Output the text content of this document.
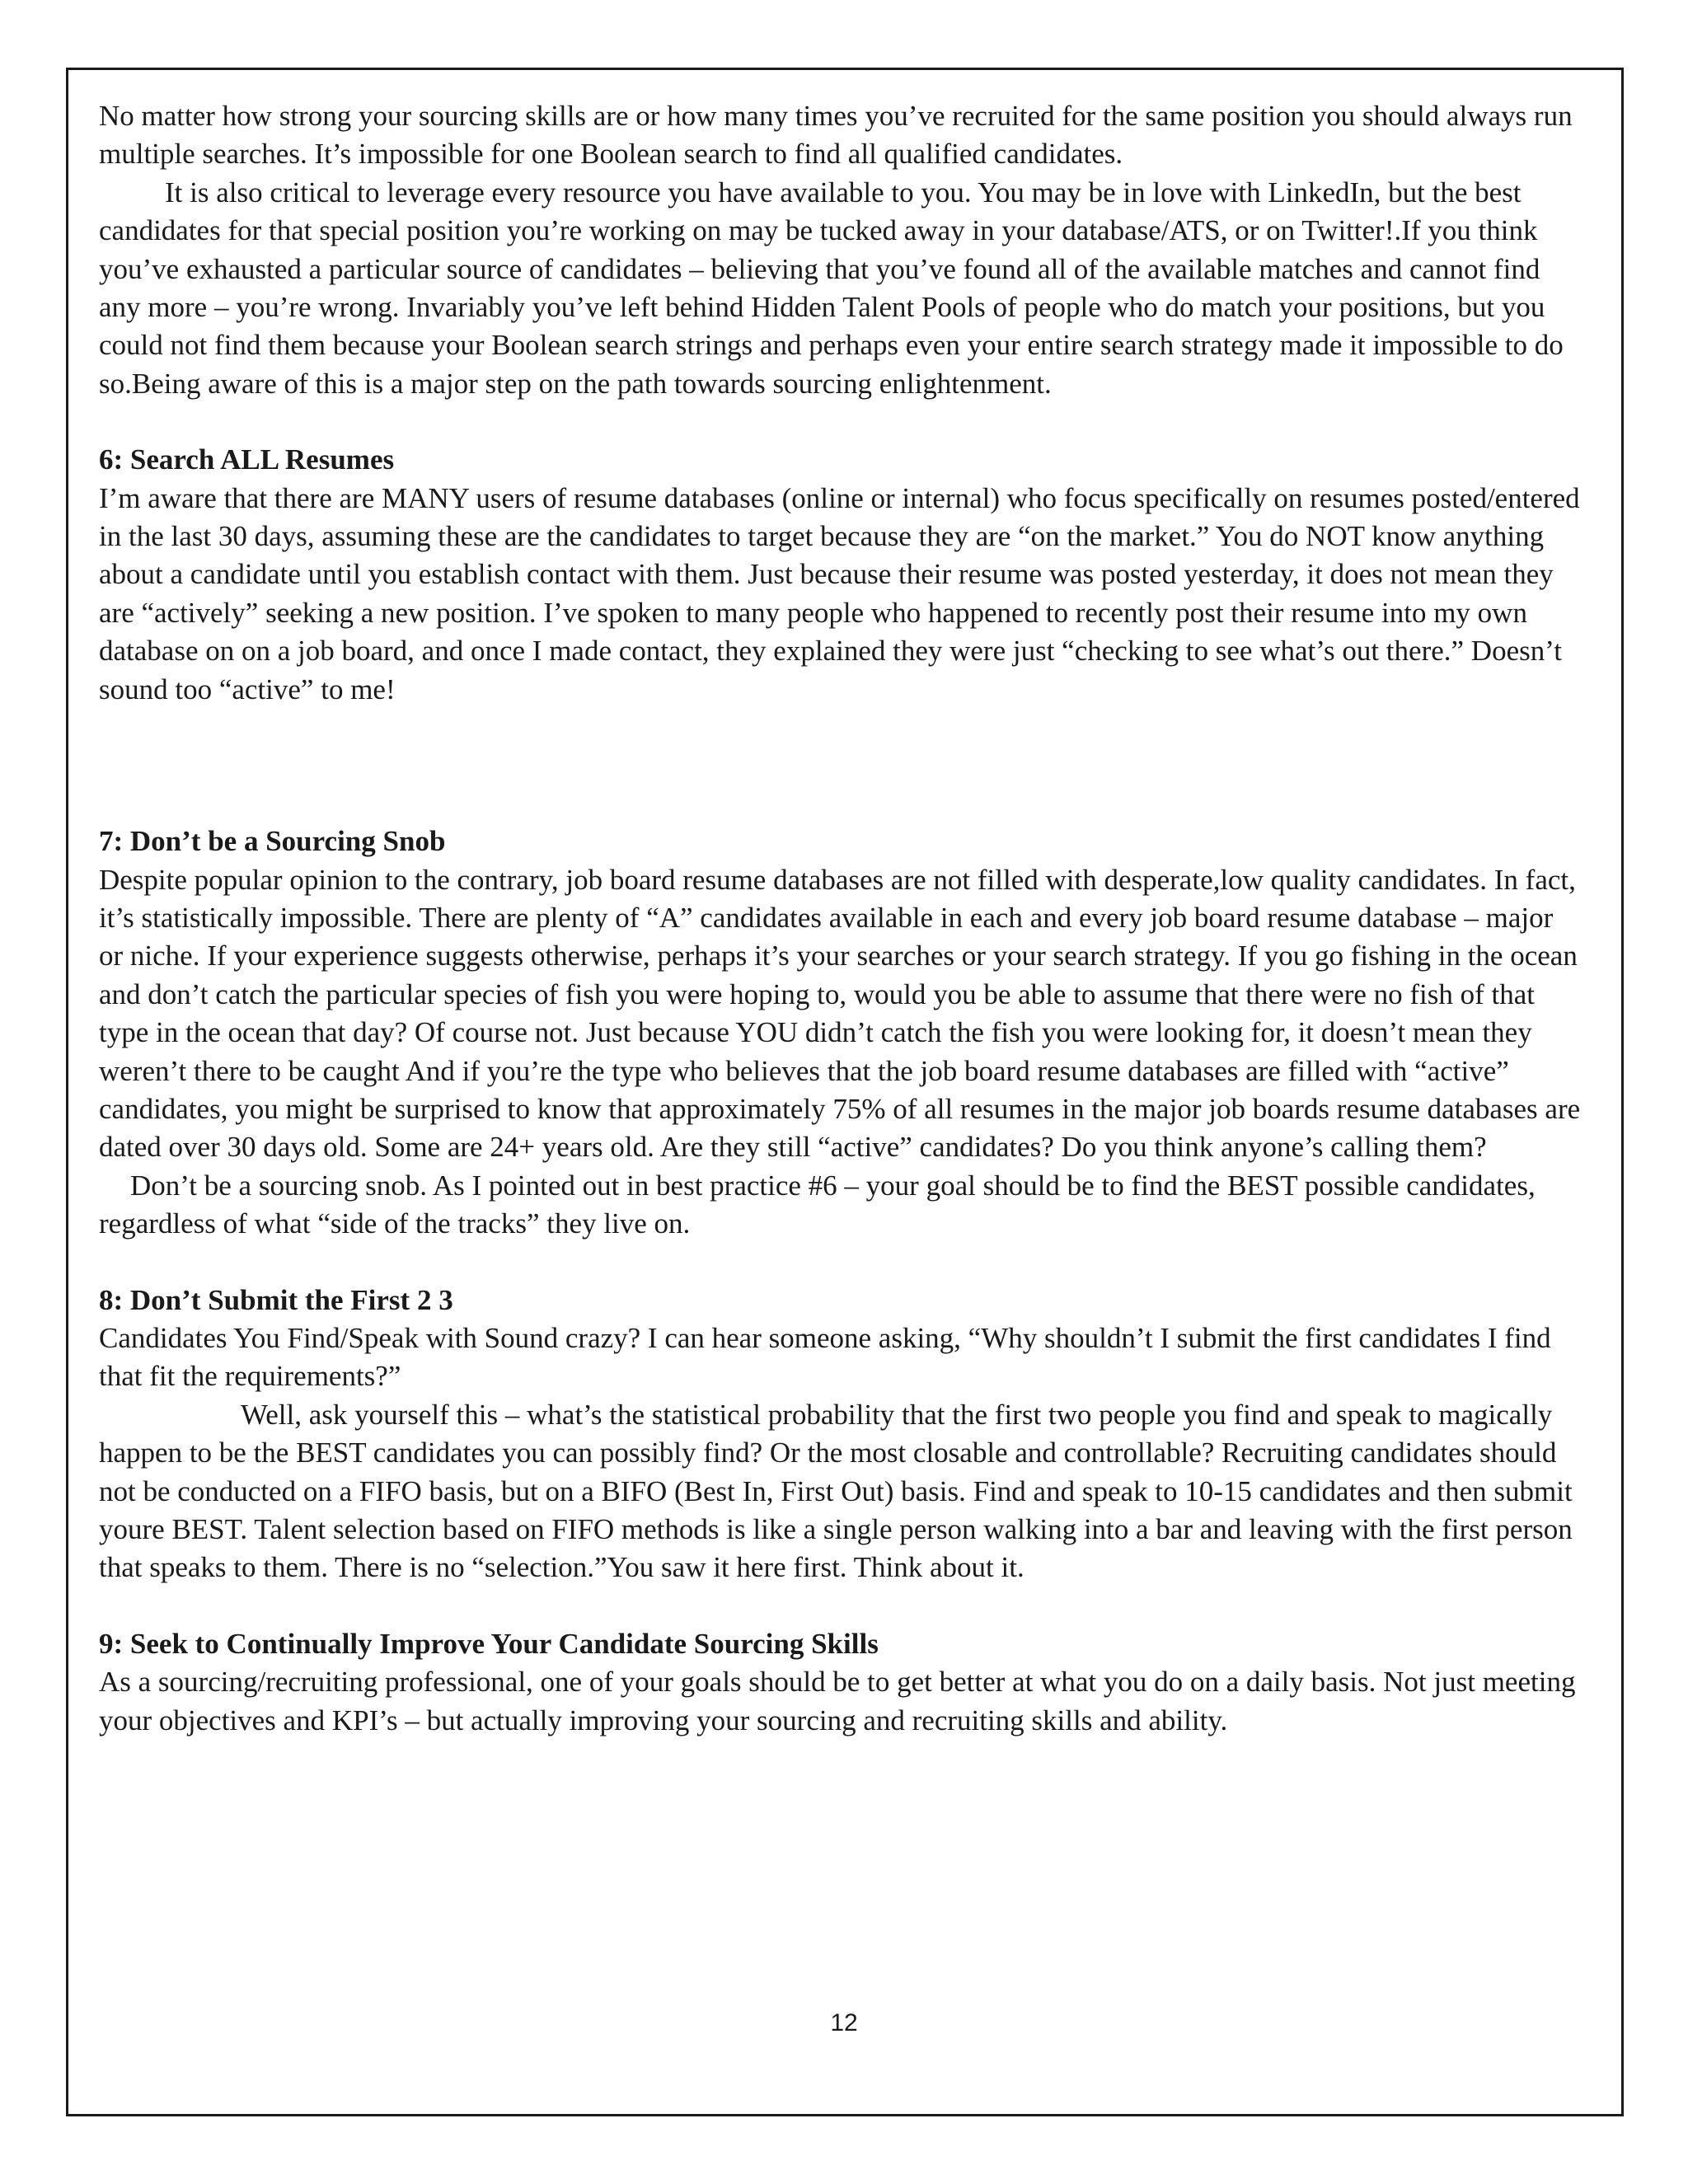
No matter how strong your sourcing skills are or how many times you’ve recruited for the same position you should always run multiple searches. It’s impossible for one Boolean search to find all qualified candidates.

It is also critical to leverage every resource you have available to you. You may be in love with LinkedIn, but the best candidates for that special position you’re working on may be tucked away in your database/ATS, or on Twitter!.If you think you’ve exhausted a particular source of candidates – believing that you’ve found all of the available matches and cannot find any more – you’re wrong. Invariably you’ve left behind Hidden Talent Pools of people who do match your positions, but you could not find them because your Boolean search strings and perhaps even your entire search strategy made it impossible to do so.Being aware of this is a major step on the path towards sourcing enlightenment.

6: Search ALL Resumes

I’m aware that there are MANY users of resume databases (online or internal) who focus specifically on resumes posted/entered in the last 30 days, assuming these are the candidates to target because they are “on the market.” You do NOT know anything about a candidate until you establish contact with them. Just because their resume was posted yesterday, it does not mean they are “actively” seeking a new position. I’ve spoken to many people who happened to recently post their resume into my own database on on a job board, and once I made contact, they explained they were just “checking to see what’s out there.” Doesn’t sound too “active” to me!

7: Don’t be a Sourcing Snob

Despite popular opinion to the contrary, job board resume databases are not filled with desperate,low quality candidates. In fact, it’s statistically impossible. There are plenty of “A” candidates available in each and every job board resume database – major or niche. If your experience suggests otherwise, perhaps it’s your searches or your search strategy. If you go fishing in the ocean and don’t catch the particular species of fish you were hoping to, would you be able to assume that there were no fish of that type in the ocean that day? Of course not. Just because YOU didn’t catch the fish you were looking for, it doesn’t mean they weren’t there to be caught And if you’re the type who believes that the job board resume databases are filled with “active” candidates, you might be surprised to know that approximately 75% of all resumes in the major job boards resume databases are dated over 30 days old. Some are 24+ years old. Are they still “active” candidates? Do you think anyone’s calling them?

Don’t be a sourcing snob. As I pointed out in best practice #6 – your goal should be to find the BEST possible candidates, regardless of what “side of the tracks” they live on.

8: Don’t Submit the First 2 3

Candidates You Find/Speak with Sound crazy? I can hear someone asking, “Why shouldn’t I submit the first candidates I find that fit the requirements?”

Well, ask yourself this – what’s the statistical probability that the first two people you find and speak to magically happen to be the BEST candidates you can possibly find? Or the most closable and controllable? Recruiting candidates should not be conducted on a FIFO basis, but on a BIFO (Best In, First Out) basis. Find and speak to 10-15 candidates and then submit youre BEST. Talent selection based on FIFO methods is like a single person walking into a bar and leaving with the first person that speaks to them. There is no “selection.”You saw it here first. Think about it.

9: Seek to Continually Improve Your Candidate Sourcing Skills

As a sourcing/recruiting professional, one of your goals should be to get better at what you do on a daily basis. Not just meeting your objectives and KPI’s – but actually improving your sourcing and recruiting skills and ability.

12
